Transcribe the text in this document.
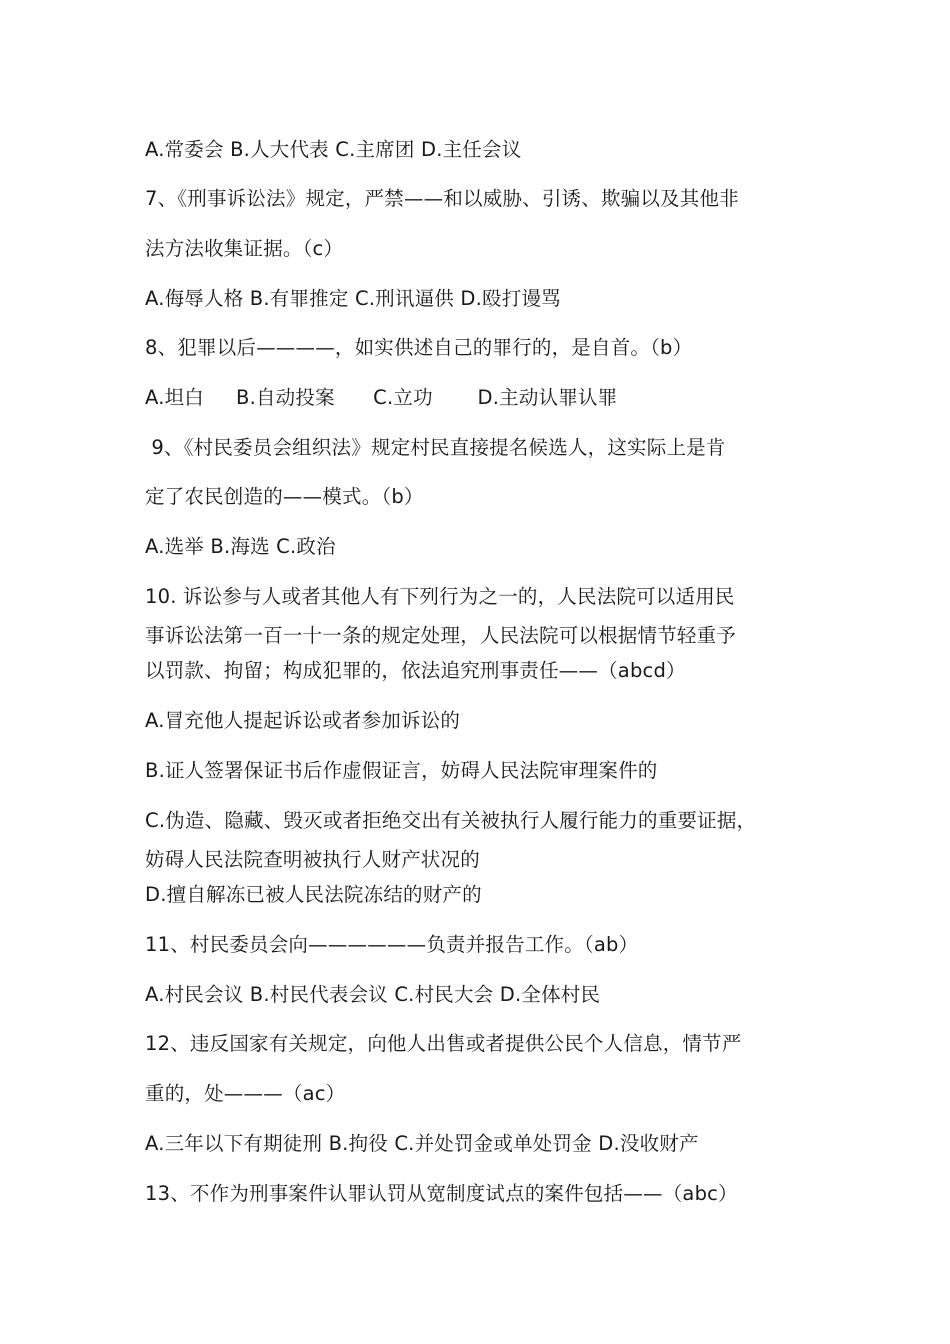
A.常委会 B.人大代表 C.主席团 D.主任会议
7、《刑事诉讼法》规定，严禁——和以威胁、引诱、欺骗以及其他非
法方法收集证据。（c）
A.侮辱人格 B.有罪推定 C.刑讯逼供 D.殴打谩骂
8、犯罪以后————，如实供述自己的罪行的，是自首。（b）
A.坦白     B.自动投案      C.立功       D.主动认罪认罪
9、《村民委员会组织法》规定村民直接提名候选人，这实际上是肯
定了农民创造的——模式。（b）
A.选举 B.海选 C.政治
10. 诉讼参与人或者其他人有下列行为之一的，人民法院可以适用民
事诉讼法第一百一十一条的规定处理，人民法院可以根据情节轻重予
以罚款、拘留；构成犯罪的，依法追究刑事责任——（abcd）
A.冒充他人提起诉讼或者参加诉讼的
B.证人签署保证书后作虚假证言，妨碍人民法院审理案件的
C.伪造、隐藏、毁灭或者拒绝交出有关被执行人履行能力的重要证据，
妨碍人民法院查明被执行人财产状况的
D.擅自解冻已被人民法院冻结的财产的
11、村民委员会向——————负责并报告工作。（ab）
A.村民会议 B.村民代表会议 C.村民大会 D.全体村民
12、违反国家有关规定，向他人出售或者提供公民个人信息，情节严
重的，处———（ac）
A.三年以下有期徒刑 B.拘役 C.并处罚金或单处罚金 D.没收财产
13、不作为刑事案件认罪认罚从宽制度试点的案件包括——（abc）
